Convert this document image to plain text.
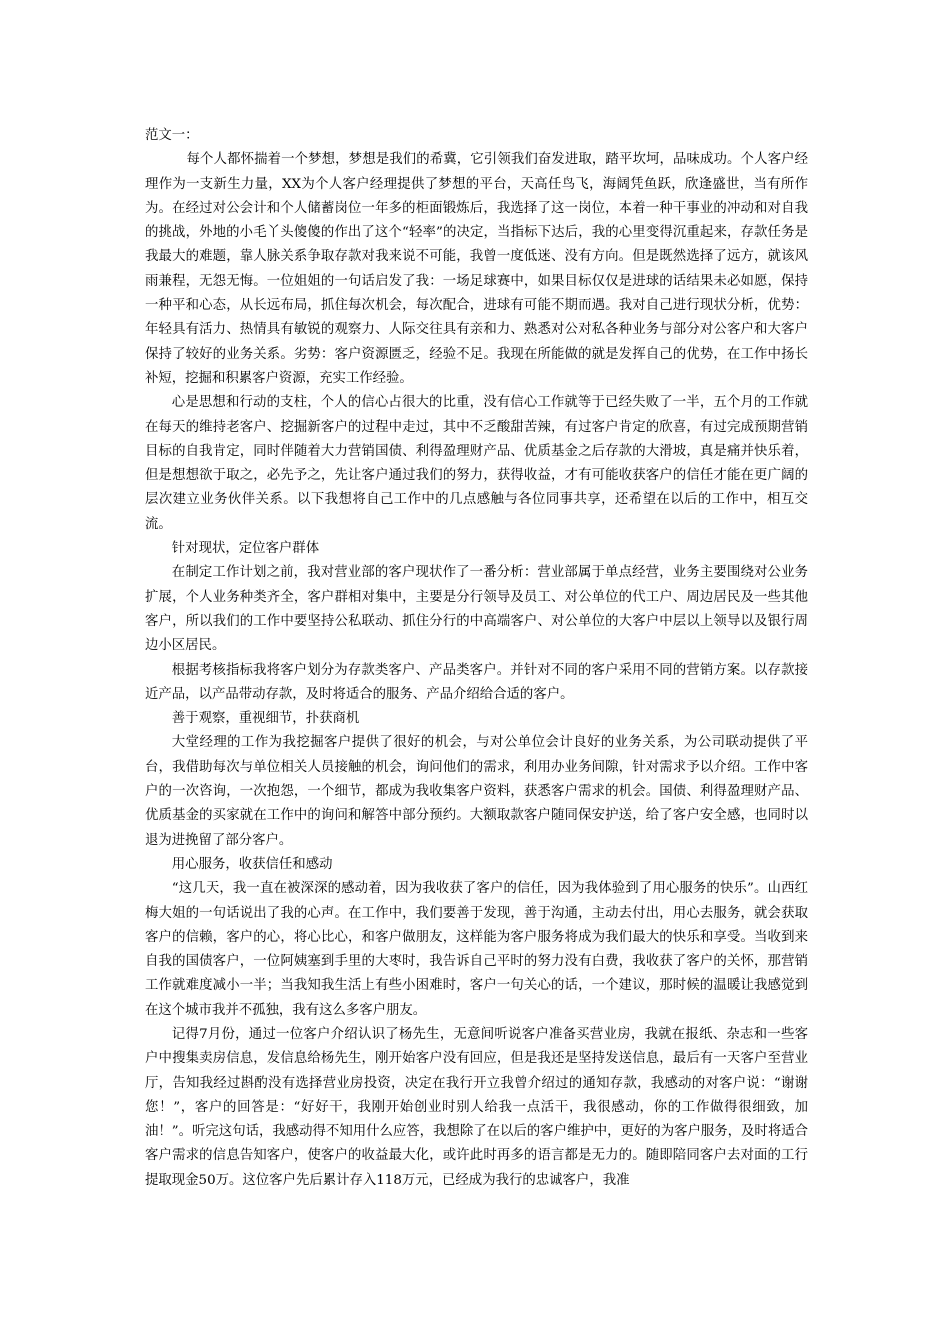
范文一：

每个人都怀揣着一个梦想，梦想是我们的希冀，它引领我们奋发进取，踏平坎坷，品味成功。个人客户经理作为一支新生力量，XX为个人客户经理提供了梦想的平台，天高任鸟飞，海阔凭鱼跃，欣逢盛世，当有所作为。在经过对公会计和个人储蓄岗位一年多的柜面锻炼后，我选择了这一岗位，本着一种干事业的冲动和对自我的挑战，外地的小毛丫头傻傻的作出了这个“轻率”的决定，当指标下达后，我的心里变得沉重起来，存款任务是我最大的难题，靠人脉关系争取存款对我来说不可能，我曾一度低迷、没有方向。但是既然选择了远方，就该风雨兼程，无怨无悔。一位姐姐的一句话启发了我：一场足球赛中，如果目标仅仅是进球的话结果未必如愿，保持一种平和心态，从长远布局，抓住每次机会，每次配合，进球有可能不期而遇。我对自己进行现状分析，优势：年轻具有活力、热情具有敏锐的观察力、人际交往具有亲和力、熟悉对公对私各种业务与部分对公客户和大客户保持了较好的业务关系。劣势：客户资源匮乏，经验不足。我现在所能做的就是发挥自己的优势，在工作中扬长补短，挖掘和积累客户资源，充实工作经验。

心是思想和行动的支柱，个人的信心占很大的比重，没有信心工作就等于已经失败了一半，五个月的工作就在每天的维持老客户、挖掘新客户的过程中走过，其中不乏酸甜苦辣，有过客户肯定的欣喜，有过完成预期营销目标的自我肯定，同时伴随着大力营销国债、利得盈理财产品、优质基金之后存款的大滑坡，真是痛并快乐着，但是想想欲于取之，必先予之，先让客户通过我们的努力，获得收益，才有可能收获客户的信任才能在更广阔的层次建立业务伙伴关系。以下我想将自己工作中的几点感触与各位同事共享，还希望在以后的工作中，相互交流。

针对现状，定位客户群体

在制定工作计划之前，我对营业部的客户现状作了一番分析：营业部属于单点经营，业务主要围绕对公业务扩展，个人业务种类齐全，客户群相对集中，主要是分行领导及员工、对公单位的代工户、周边居民及一些其他客户，所以我们的工作中要坚持公私联动、抓住分行的中高端客户、对公单位的大客户中层以上领导以及银行周边小区居民。

根据考核指标我将客户划分为存款类客户、产品类客户。并针对不同的客户采用不同的营销方案。以存款接近产品，以产品带动存款，及时将适合的服务、产品介绍给合适的客户。

善于观察，重视细节，扑获商机

大堂经理的工作为我挖掘客户提供了很好的机会，与对公单位会计良好的业务关系，为公司联动提供了平台，我借助每次与单位相关人员接触的机会，询问他们的需求，利用办业务间隙，针对需求予以介绍。工作中客户的一次咨询，一次抱怨，一个细节，都成为我收集客户资料，获悉客户需求的机会。国债、利得盈理财产品、优质基金的买家就在工作中的询问和解答中部分预约。大额取款客户随同保安护送，给了客户安全感，也同时以退为进挽留了部分客户。

用心服务，收获信任和感动

“这几天，我一直在被深深的感动着，因为我收获了客户的信任，因为我体验到了用心服务的快乐”。山西红梅大姐的一句话说出了我的心声。在工作中，我们要善于发现，善于沟通，主动去付出，用心去服务，就会获取客户的信赖，客户的心，将心比心，和客户做朋友，这样能为客户服务将成为我们最大的快乐和享受。当收到来自我的国债客户，一位阿姨塞到手里的大枣时，我告诉自己平时的努力没有白费，我收获了客户的关怀，那营销工作就难度减小一半；当我知我生活上有些小困难时，客户一句关心的话，一个建议，那时候的温暖让我感觉到在这个城市我并不孤独，我有这么多客户朋友。

记得7月份，通过一位客户介绍认识了杨先生，无意间听说客户准备买营业房，我就在报纸、杂志和一些客户中搜集卖房信息，发信息给杨先生，刚开始客户没有回应，但是我还是坚持发送信息，最后有一天客户至营业厅，告知我经过斟酌没有选择营业房投资，决定在我行开立我曾介绍过的通知存款，我感动的对客户说：“谢谢您！”，客户的回答是：“好好干，我刚开始创业时别人给我一点活干，我很感动，你的工作做得很细致，加油！”。听完这句话，我感动得不知用什么应答，我想除了在以后的客户维护中，更好的为客户服务，及时将适合客户需求的信息告知客户，使客户的收益最大化，或许此时再多的语言都是无力的。随即陪同客户去对面的工行提取现金50万。这位客户先后累计存入118万元，已经成为我行的忠诚客户，我准
